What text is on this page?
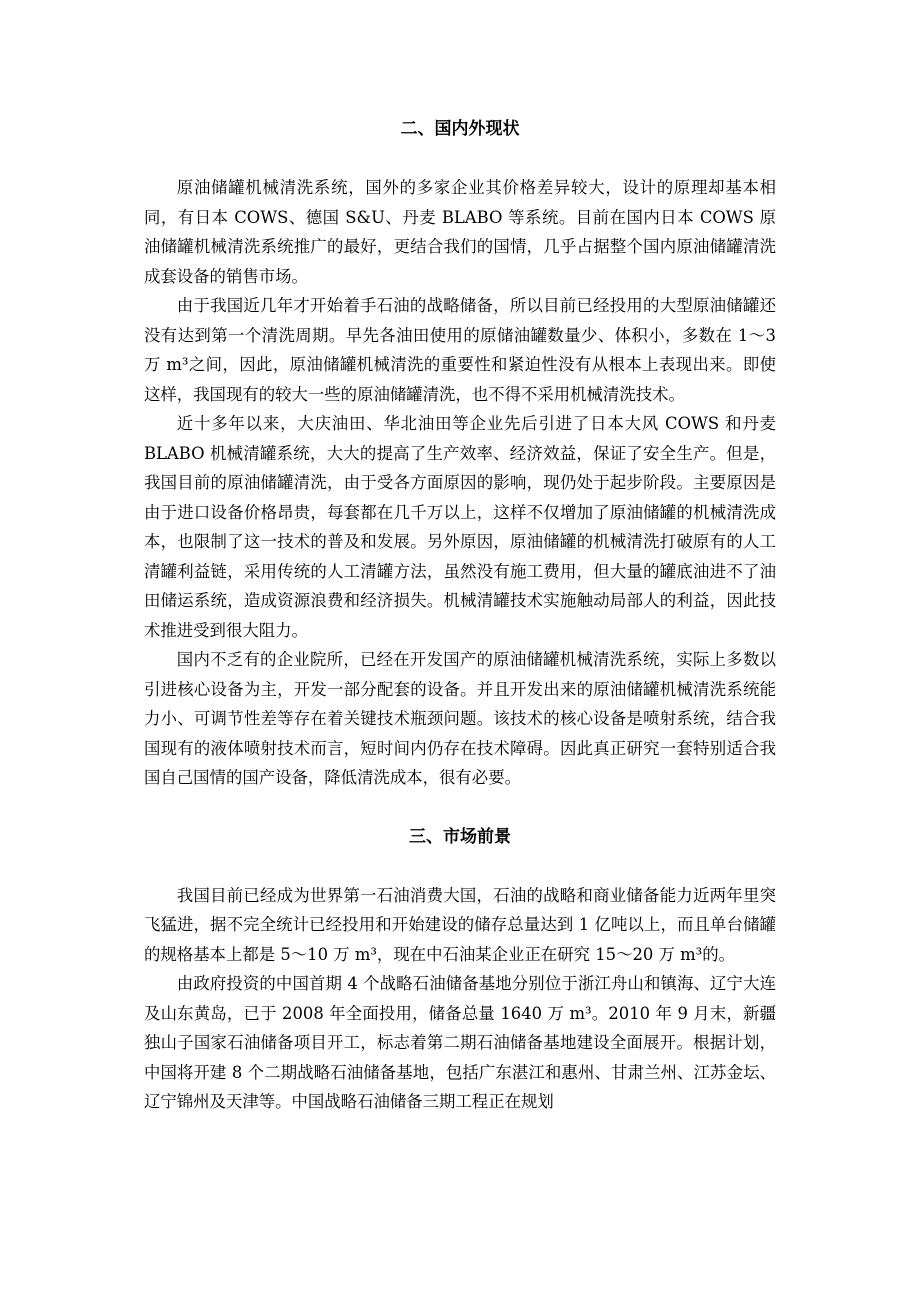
二、国内外现状

原油储罐机械清洗系统，国外的多家企业其价格差异较大，设计的原理却基本相同，有日本 COWS、德国 S&U、丹麦 BLABO 等系统。目前在国内日本 COWS 原油储罐机械清洗系统推广的最好，更结合我们的国情，几乎占据整个国内原油储罐清洗成套设备的销售市场。

由于我国近几年才开始着手石油的战略储备，所以目前已经投用的大型原油储罐还没有达到第一个清洗周期。早先各油田使用的原储油罐数量少、体积小，多数在 1～3 万 m³之间，因此，原油储罐机械清洗的重要性和紧迫性没有从根本上表现出来。即使这样，我国现有的较大一些的原油储罐清洗，也不得不采用机械清洗技术。

近十多年以来，大庆油田、华北油田等企业先后引进了日本大风 COWS 和丹麦 BLABO 机械清罐系统，大大的提高了生产效率、经济效益，保证了安全生产。但是，我国目前的原油储罐清洗，由于受各方面原因的影响，现仍处于起步阶段。主要原因是由于进口设备价格昂贵，每套都在几千万以上，这样不仅增加了原油储罐的机械清洗成本，也限制了这一技术的普及和发展。另外原因，原油储罐的机械清洗打破原有的人工清罐利益链，采用传统的人工清罐方法，虽然没有施工费用，但大量的罐底油进不了油田储运系统，造成资源浪费和经济损失。机械清罐技术实施触动局部人的利益，因此技术推进受到很大阻力。

国内不乏有的企业院所，已经在开发国产的原油储罐机械清洗系统，实际上多数以引进核心设备为主，开发一部分配套的设备。并且开发出来的原油储罐机械清洗系统能力小、可调节性差等存在着关键技术瓶颈问题。该技术的核心设备是喷射系统，结合我国现有的液体喷射技术而言，短时间内仍存在技术障碍。因此真正研究一套特别适合我国自己国情的国产设备，降低清洗成本，很有必要。

三、市场前景

我国目前已经成为世界第一石油消费大国，石油的战略和商业储备能力近两年里突飞猛进，据不完全统计已经投用和开始建设的储存总量达到 1 亿吨以上，而且单台储罐的规格基本上都是 5～10 万 m³，现在中石油某企业正在研究 15～20 万 m³的。

由政府投资的中国首期 4 个战略石油储备基地分别位于浙江舟山和镇海、辽宁大连及山东黄岛，已于 2008 年全面投用，储备总量 1640 万 m³。2010 年 9 月末，新疆独山子国家石油储备项目开工，标志着第二期石油储备基地建设全面展开。根据计划，中国将开建 8 个二期战略石油储备基地，包括广东湛江和惠州、甘肃兰州、江苏金坛、辽宁锦州及天津等。中国战略石油储备三期工程正在规划
